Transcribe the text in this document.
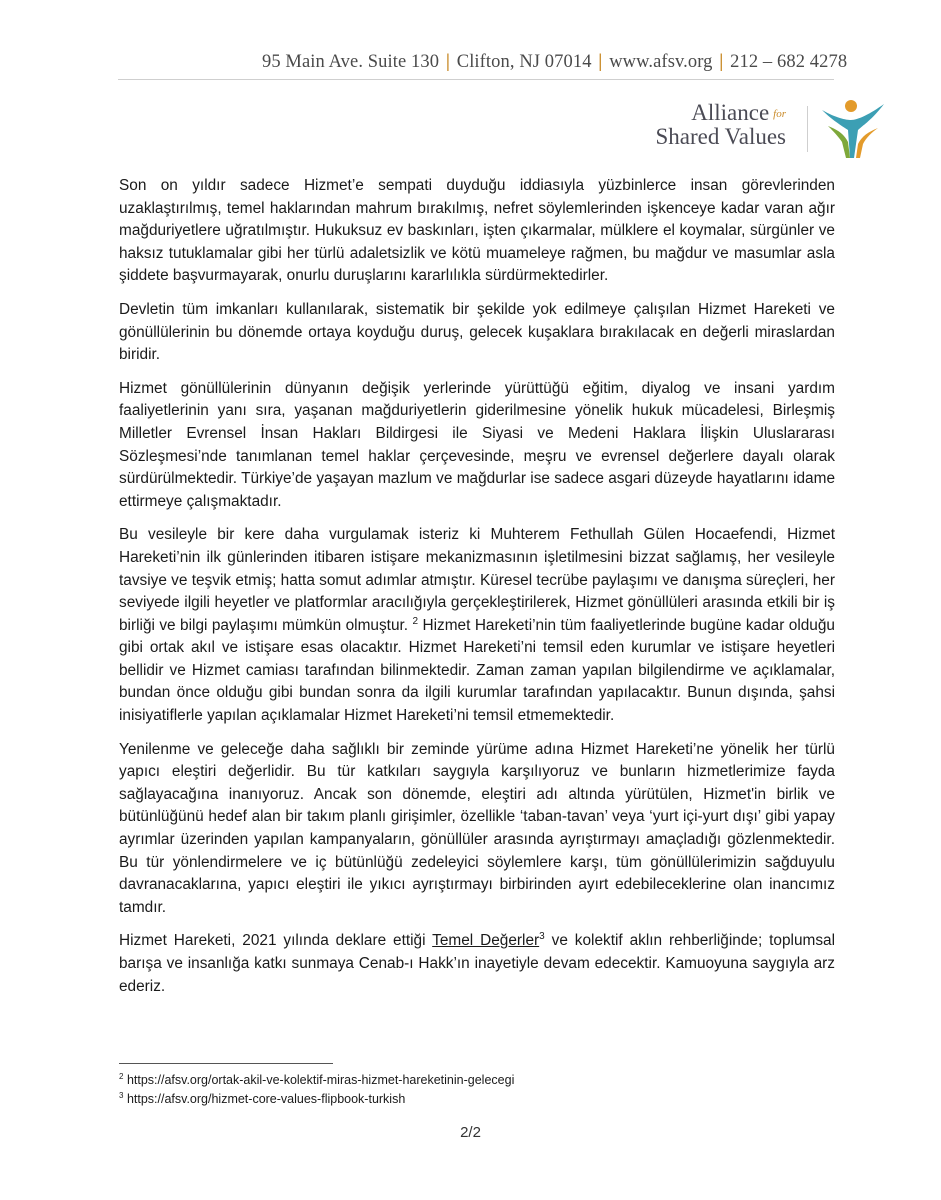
95 Main Ave. Suite 130 | Clifton, NJ 07014 | www.afsv.org | 212 – 682 4278
Alliance $^{for}$
Shared Values

Son on yıldır sadece Hizmet’e sempati duyduğu iddiasıyla yüzbinlerce insan görevlerinden uzaklaştırılmış, temel haklarından mahrum bırakılmış, nefret söylemlerinden işkenceye kadar varan ağır mağduriyetlere uğratılmıştır. Hukuksuz ev baskınları, işten çıkarmalar, mülklere el koymalar, sürgünler ve haksız tutuklamalar gibi her türlü adaletsizlik ve kötü muameleye rağmen, bu mağdur ve masumlar asla şiddete başvurmayarak, onurlu duruşlarını kararlılıkla sürdürmektedirler.

Devletin tüm imkanları kullanılarak, sistematik bir şekilde yok edilmeye çalışılan Hizmet Hareketi ve gönüllülerinin bu dönemde ortaya koyduğu duruş, gelecek kuşaklara bırakılacak en değerli miraslardan biridir.

Hizmet gönüllülerinin dünyanın değişik yerlerinde yürüttüğü eğitim, diyalog ve insani yardım faaliyetlerinin yanı sıra, yaşanan mağduriyetlerin giderilmesine yönelik hukuk mücadelesi, Birleşmiş Milletler Evrensel İnsan Hakları Bildirgesi ile Siyasi ve Medeni Haklara İlişkin Uluslararası Sözleşmesi’nde tanımlanan temel haklar çerçevesinde, meşru ve evrensel değerlere dayalı olarak sürdürülmektedir. Türkiye’de yaşayan mazlum ve mağdurlar ise sadece asgari düzeyde hayatlarını idame ettirmeye çalışmaktadır.

Bu vesileyle bir kere daha vurgulamak isteriz ki Muhterem Fethullah Gülen Hocaefendi, Hizmet Hareketi’nin ilk günlerinden itibaren istişare mekanizmasının işletilmesini bizzat sağlamış, her vesileyle tavsiye ve teşvik etmiş; hatta somut adımlar atmıştır. Küresel tecrübe paylaşımı ve danışma süreçleri, her seviyede ilgili heyetler ve platformlar aracılığıyla gerçekleştirilerek, Hizmet gönüllüleri arasında etkili bir iş birliği ve bilgi paylaşımı mümkün olmuştur. $^2$ Hizmet Hareketi’nin tüm faaliyetlerinde bugüne kadar olduğu gibi ortak akıl ve istişare esas olacaktır. Hizmet Hareketi’ni temsil eden kurumlar ve istişare heyetleri bellidir ve Hizmet camiası tarafından bilinmektedir. Zaman zaman yapılan bilgilendirme ve açıklamalar, bundan önce olduğu gibi bundan sonra da ilgili kurumlar tarafından yapılacaktır. Bunun dışında, şahsi inisiyatiflerle yapılan açıklamalar Hizmet Hareketi’ni temsil etmemektedir.

Yenilenme ve geleceğe daha sağlıklı bir zeminde yürüme adına Hizmet Hareketi’ne yönelik her türlü yapıcı eleştiri değerlidir. Bu tür katkıları saygıyla karşılıyoruz ve bunların hizmetlerimize fayda sağlayacağına inanıyoruz. Ancak son dönemde, eleştiri adı altında yürütülen, Hizmet'in birlik ve bütünlüğünü hedef alan bir takım planlı girişimler, özellikle ‘taban-tavan’ veya ‘yurt içi-yurt dışı’ gibi yapay ayrımlar üzerinden yapılan kampanyaların, gönüllüler arasında ayrıştırmayı amaçladığı gözlenmektedir. Bu tür yönlendirmelere ve iç bütünlüğü zedeleyici söylemlere karşı, tüm gönüllülerimizin sağduyulu davranacaklarına, yapıcı eleştiri ile yıkıcı ayrıştırmayı birbirinden ayırt edebileceklerine olan inancımız tamdır.

Hizmet Hareketi, 2021 yılında deklare ettiği Temel Değerler$^3$ ve kolektif aklın rehberliğinde; toplumsal barışa ve insanlığa katkı sunmaya Cenab-ı Hakk’ın inayetiyle devam edecektir. Kamuoyuna saygıyla arz ederiz.

$^2$ https://afsv.org/ortak-akil-ve-kolektif-miras-hizmet-hareketinin-gelecegi
$^3$ https://afsv.org/hizmet-core-values-flipbook-turkish
2/2
